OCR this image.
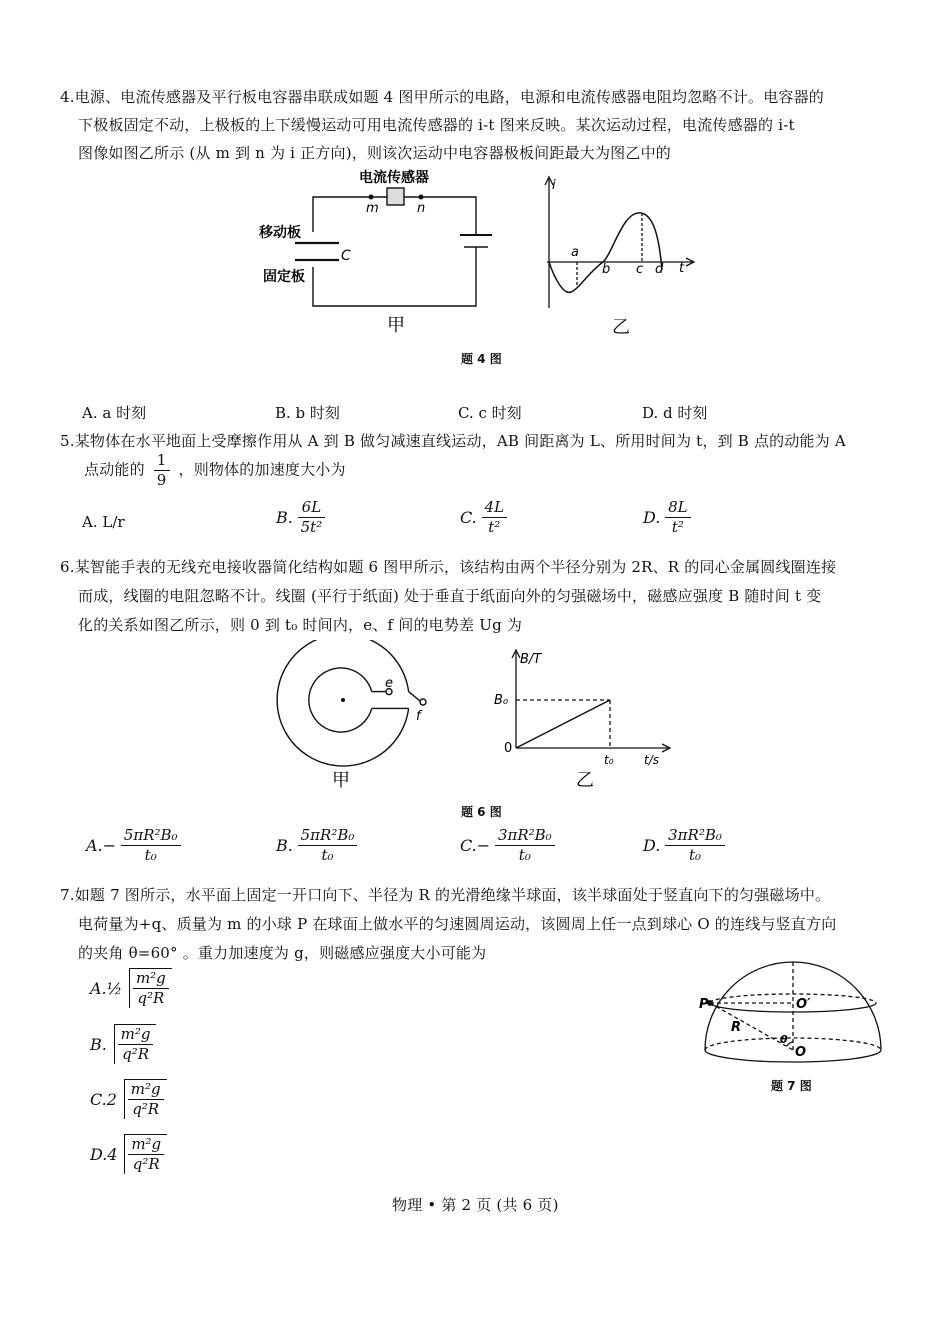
4.电源、电流传感器及平行板电容器串联成如题 4 图甲所示的电路，电源和电流传感器电阻均忽略不计。电容器的
下极板固定不动，上极板的上下缓慢运动可用电流传感器的 i-t 图来反映。某次运动过程，电流传感器的 i-t
图像如图乙所示 (从 m 到 n 为 i 正方向)，则该次运动中电容器极板间距最大为图乙中的
电流传感器
m	n
移动板
固定板
C
甲
i
t
a
b c d
乙
题 4 图
A. a 时刻	B. b 时刻	C. c 时刻	D. d 时刻
5.某物体在水平地面上受摩擦作用从 A 到 B 做匀减速直线运动，AB 间距离为 L、所用时间为 t，到 B 点的动能为 A
点动能的 $\frac{1}{9}$ ，则物体的加速度大小为
A. L/r	B. $\frac{6L}{\text{5t²}}$	C. $\frac{4L}{\text{t²}}$	D. $\frac{8L}{\text{t²}}$
6.某智能手表的无线充电接收器简化结构如题 6 图甲所示，该结构由两个半径分别为 2R、R 的同心金属圆线圈连接
而成，线圈的电阻忽略不计。线圈 (平行于纸面) 处于垂直于纸面向外的匀强磁场中，磁感应强度 B 随时间 t 变
化的关系如图乙所示，则 0 到 t₀ 时间内，e、f 间的电势差 Ug 为
e
f
甲
B/T
B₀
0
t₀	t/s
乙
题 6 图
$A.- \frac{\text{5πR²B₀}}{\text{t₀}}$	B. $\frac{\text{5πR²B₀}}{\text{t₀}}$	$C.- \frac{\text{3πR²B₀}}{\text{t₀}}$	D. $\frac{\text{3πR²B₀}}{\text{t₀}}$
7.如题 7 图所示，水平面上固定一开口向下、半径为 R 的光滑绝缘半球面，该半球面处于竖直向下的匀强磁场中。
电荷量为+q、质量为 m 的小球 P 在球面上做水平的匀速圆周运动，该圆周上任一点到球心 O 的连线与竖直方向
的夹角 θ=60° 。重力加速度为 g，则磁感应强度大小可能为
A.½ $\frac{\text{m²g}}{\text{q²R}}$
B. $\frac{\text{m²g}}{\text{q²R}}$
$C.2 \frac{\text{m²g}}{\text{q²R}}$
$D.4 \frac{\text{m²g}}{\text{q²R}}$
P	O′
R
θ
O
题 7 图
物理 • 第 2 页 (共 6 页)
